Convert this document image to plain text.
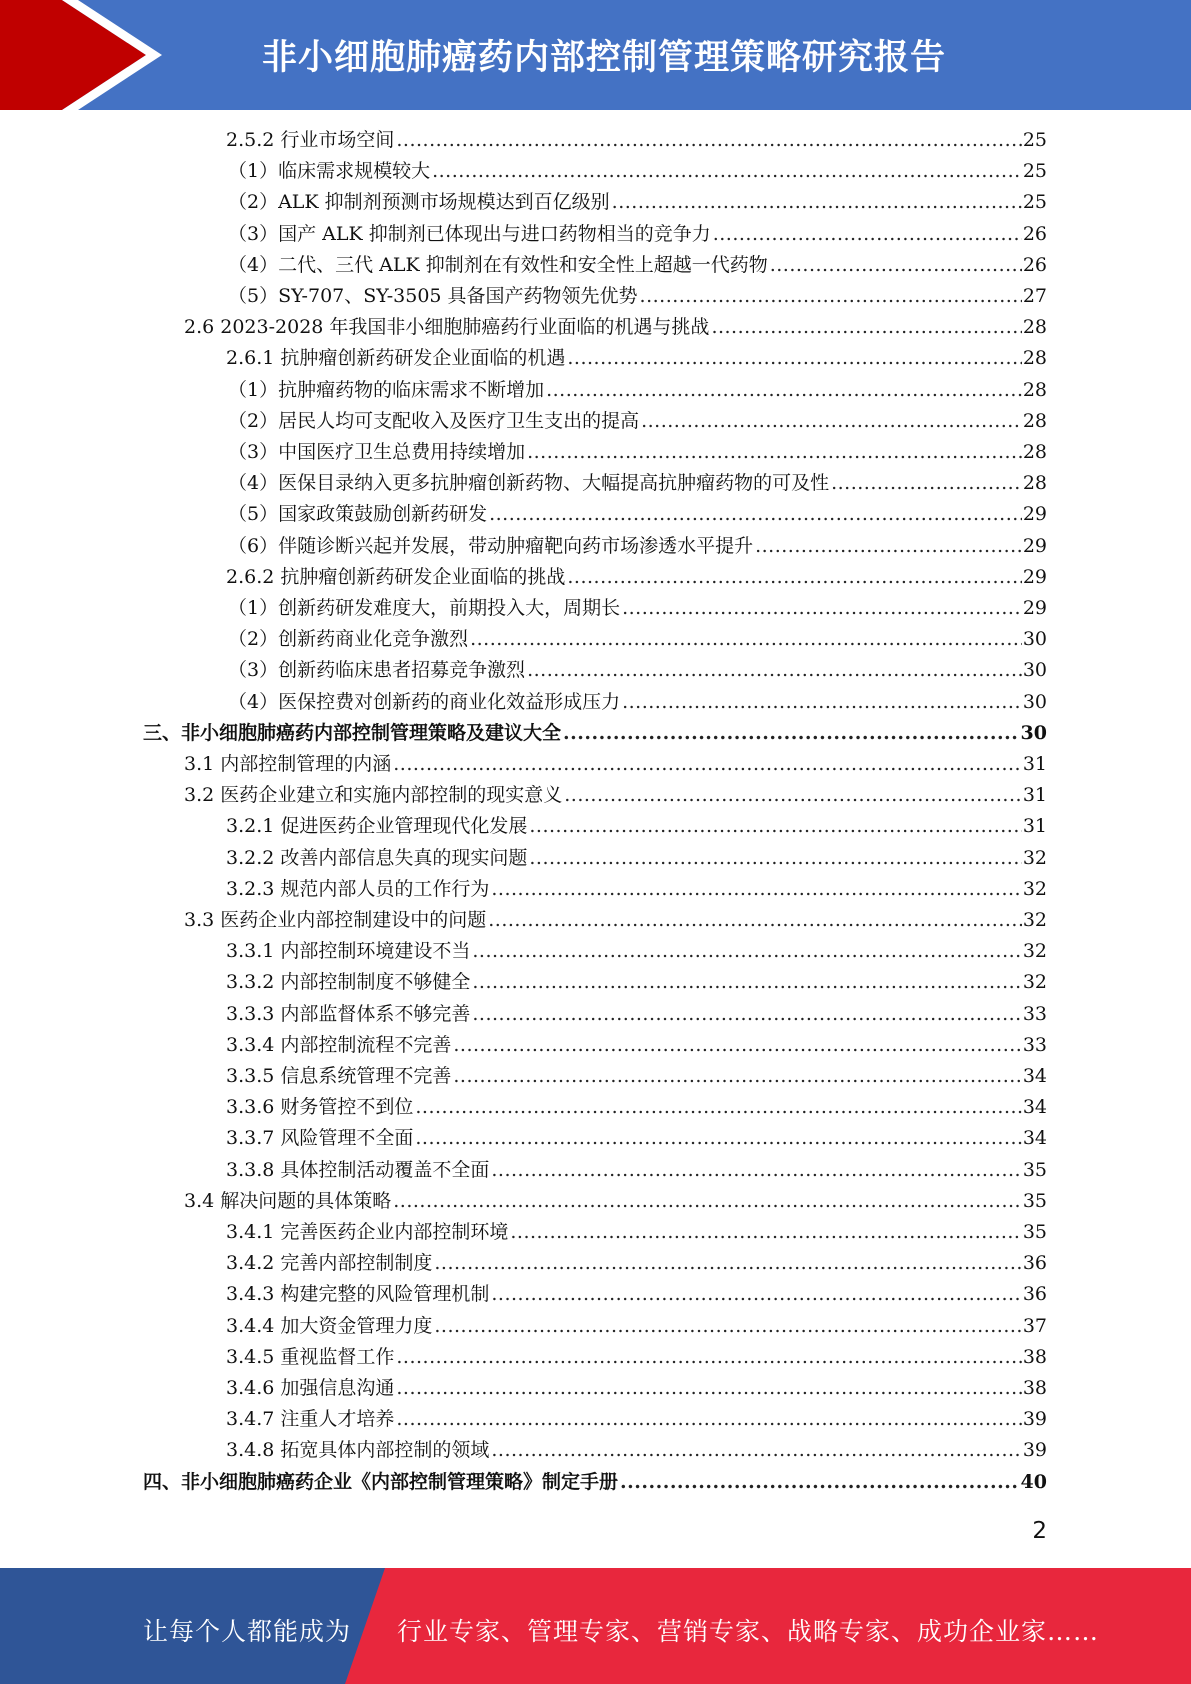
非小细胞肺癌药内部控制管理策略研究报告
2.5.2 行业市场空间 .....	25
（1）临床需求规模较大 .....	25
（2）ALK 抑制剂预测市场规模达到百亿级别 .....	25
（3）国产 ALK 抑制剂已体现出与进口药物相当的竞争力 .....	26
（4）二代、三代 ALK 抑制剂在有效性和安全性上超越一代药物 .....	26
（5）SY-707、SY-3505 具备国产药物领先优势 .....	27
2.6 2023-2028 年我国非小细胞肺癌药行业面临的机遇与挑战 .....	28
2.6.1 抗肿瘤创新药研发企业面临的机遇 .....	28
（1）抗肿瘤药物的临床需求不断增加 .....	28
（2）居民人均可支配收入及医疗卫生支出的提高 .....	28
（3）中国医疗卫生总费用持续增加 .....	28
（4）医保目录纳入更多抗肿瘤创新药物、大幅提高抗肿瘤药物的可及性 .....	28
（5）国家政策鼓励创新药研发 .....	29
（6）伴随诊断兴起并发展，带动肿瘤靶向药市场渗透水平提升 .....	29
2.6.2 抗肿瘤创新药研发企业面临的挑战 .....	29
（1）创新药研发难度大，前期投入大，周期长 .....	29
（2）创新药商业化竞争激烈 .....	30
（3）创新药临床患者招募竞争激烈 .....	30
（4）医保控费对创新药的商业化效益形成压力 .....	30
三、非小细胞肺癌药内部控制管理策略及建议大全 .....	30
3.1 内部控制管理的内涵 .....	31
3.2 医药企业建立和实施内部控制的现实意义 .....	31
3.2.1 促进医药企业管理现代化发展 .....	31
3.2.2 改善内部信息失真的现实问题 .....	32
3.2.3 规范内部人员的工作行为 .....	32
3.3 医药企业内部控制建设中的问题 .....	32
3.3.1 内部控制环境建设不当 .....	32
3.3.2 内部控制制度不够健全 .....	32
3.3.3 内部监督体系不够完善 .....	33
3.3.4 内部控制流程不完善 .....	33
3.3.5 信息系统管理不完善 .....	34
3.3.6 财务管控不到位 .....	34
3.3.7 风险管理不全面 .....	34
3.3.8 具体控制活动覆盖不全面 .....	35
3.4 解决问题的具体策略 .....	35
3.4.1 完善医药企业内部控制环境 .....	35
3.4.2 完善内部控制制度 .....	36
3.4.3 构建完整的风险管理机制 .....	36
3.4.4 加大资金管理力度 .....	37
3.4.5 重视监督工作 .....	38
3.4.6 加强信息沟通 .....	38
3.4.7 注重人才培养 .....	39
3.4.8 拓宽具体内部控制的领域 .....	39
四、非小细胞肺癌药企业《内部控制管理策略》制定手册 .....	40
2
让每个人都能成为 行业专家、管理专家、营销专家、战略专家、成功企业家……
